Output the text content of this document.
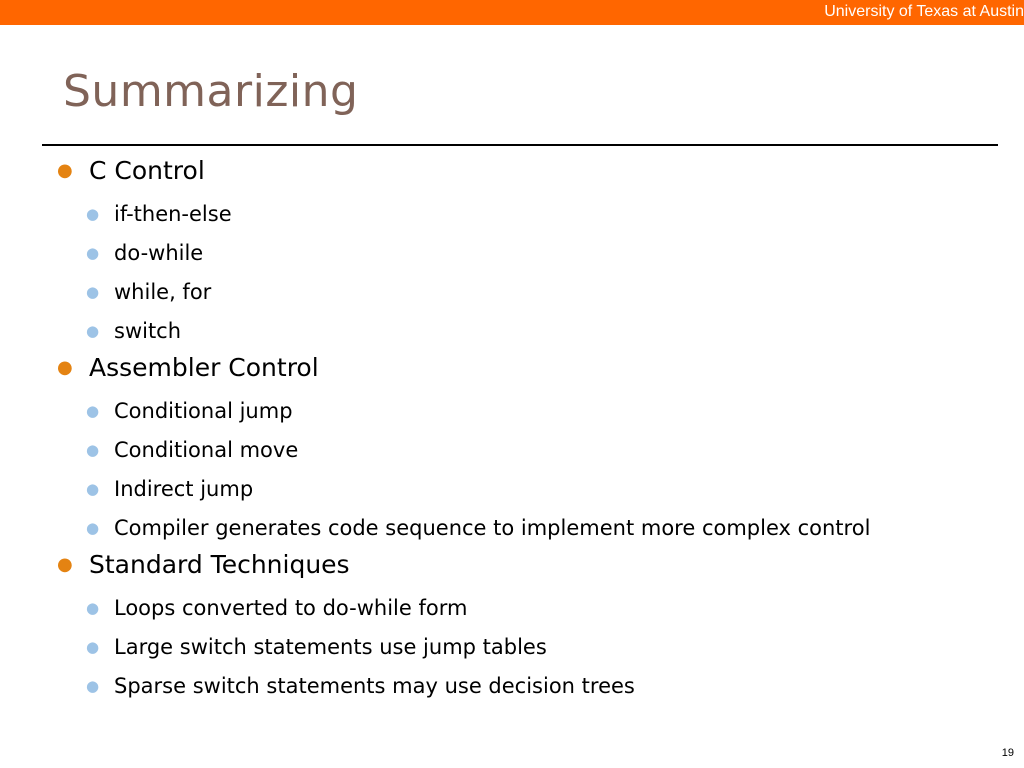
University of Texas at Austin
Summarizing
● C Control
● if-then-else
● do-while
● while, for
● switch
● Assembler Control
● Conditional jump
● Conditional move
● Indirect jump
● Compiler generates code sequence to implement more complex control
● Standard Techniques
● Loops converted to do-while form
● Large switch statements use jump tables
● Sparse switch statements may use decision trees
19
